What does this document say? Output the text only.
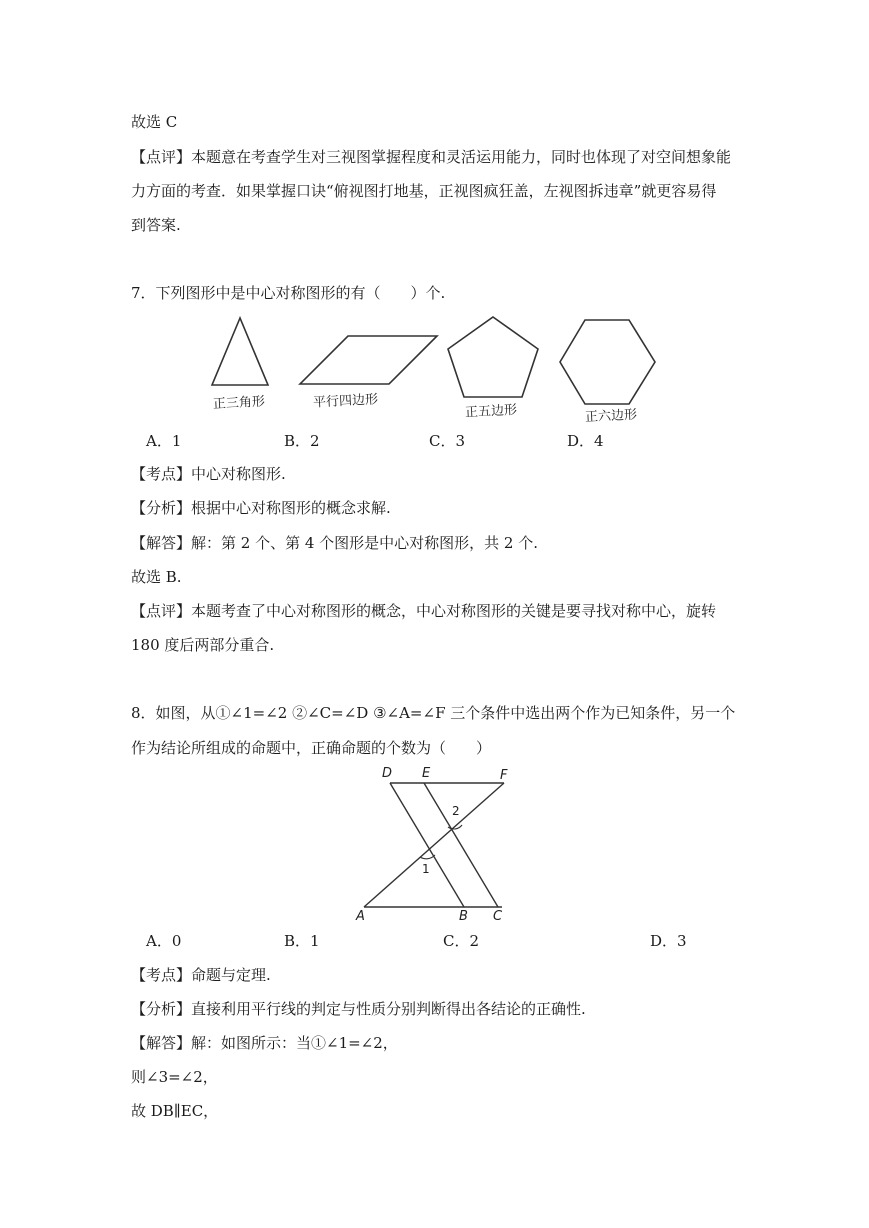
故选 C
【点评】本题意在考查学生对三视图掌握程度和灵活运用能力，同时也体现了对空间想象能
力方面的考查．如果掌握口诀“俯视图打地基，正视图疯狂盖，左视图拆违章”就更容易得
到答案.
7．下列图形中是中心对称图形的有（　　）个.
正三角形	平行四边形
正五边形	正六边形
A．1	B．2	C．3	D．4
【考点】中心对称图形.
【分析】根据中心对称图形的概念求解.
【解答】解：第 2 个、第 4 个图形是中心对称图形，共 2 个.
故选 B.
【点评】本题考查了中心对称图形的概念，中心对称图形的关键是要寻找对称中心，旋转
180 度后两部分重合.
8．如图，从①∠1=∠2 ②∠C=∠D ③∠A=∠F 三个条件中选出两个作为已知条件，另一个
作为结论所组成的命题中，正确命题的个数为（　　）
D E	F
A	B C
1
2
A．0	B．1	C．2	D．3
【考点】命题与定理.
【分析】直接利用平行线的判定与性质分别判断得出各结论的正确性.
【解答】解：如图所示：当①∠1=∠2，
则∠3=∠2，
故 DB∥EC，
